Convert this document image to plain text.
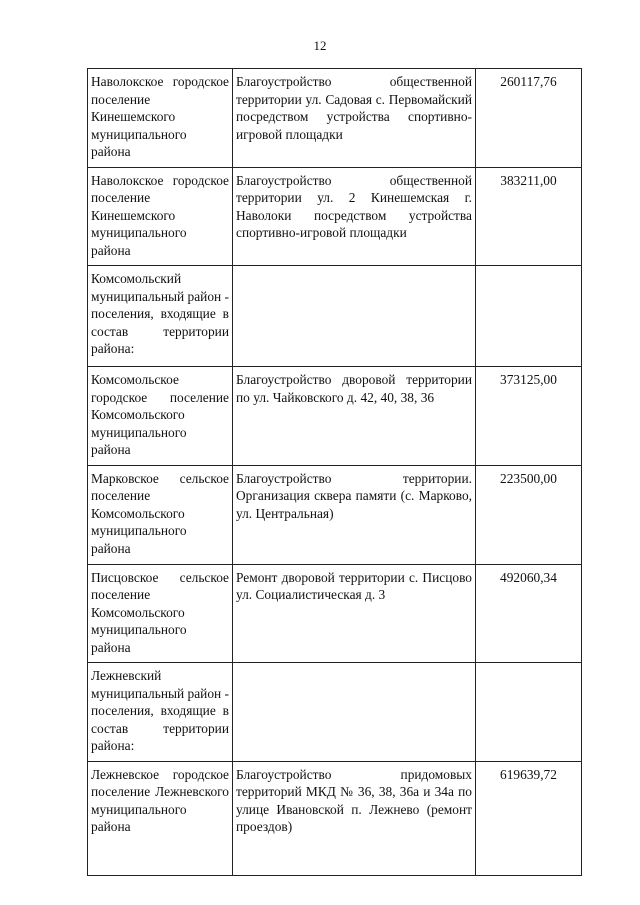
12
Наволокское городское поселение Кинешемского муниципального района	Благоустройство общественной территории ул. Садовая с. Первомайский посредством устройства спортивно-игровой площадки	260117,76
Наволокское городское поселение Кинешемского муниципального района	Благоустройство общественной территории ул. 2 Кинешемская г. Наволоки посредством устройства спортивно-игровой площадки	383211,00
Комсомольский муниципальный район - поселения, входящие в состав территории района:		
Комсомольское городское поселение Комсомольского муниципального района	Благоустройство дворовой территории по ул. Чайковского д. 42, 40, 38, 36	373125,00
Марковское сельское поселение Комсомольского муниципального района	Благоустройство территории. Организация сквера памяти (с. Марково, ул. Центральная)	223500,00
Писцовское сельское поселение Комсомольского муниципального района	Ремонт дворовой территории с. Писцово ул. Социалистическая д. 3	492060,34
Лежневский муниципальный район - поселения, входящие в состав территории района:		
Лежневское городское поселение Лежневского муниципального района	Благоустройство придомовых территорий МКД № 36, 38, 36а и 34а по улице Ивановской п. Лежнево (ремонт проездов)	619639,72
